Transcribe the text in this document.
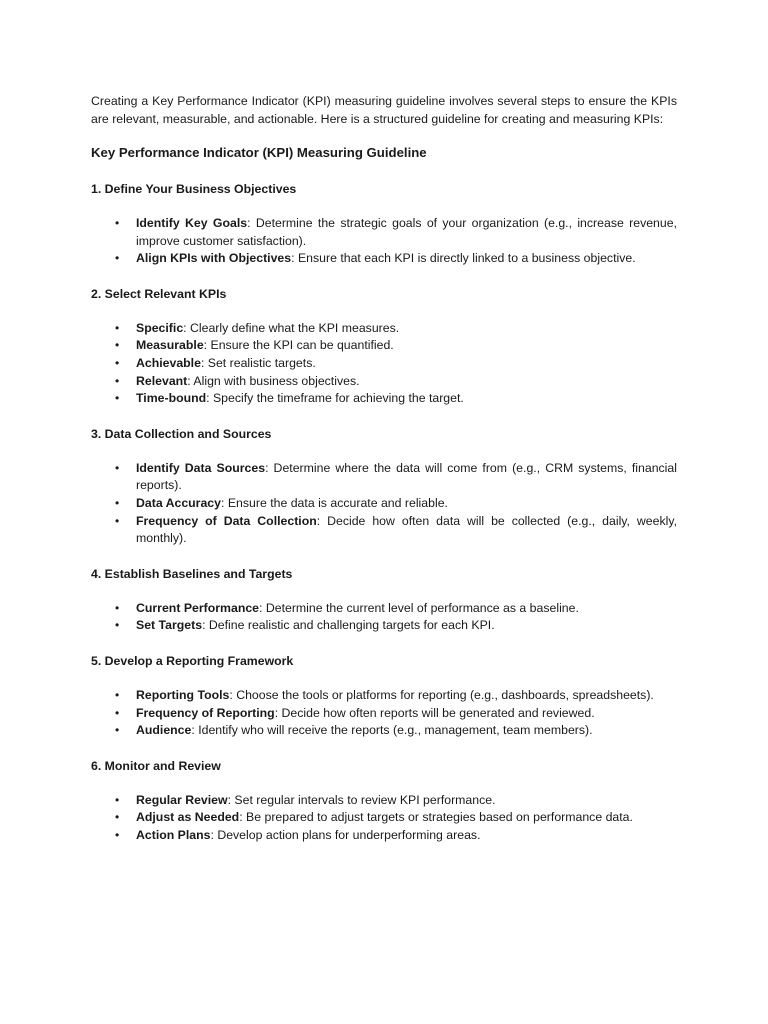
Creating a Key Performance Indicator (KPI) measuring guideline involves several steps to ensure the KPIs are relevant, measurable, and actionable. Here is a structured guideline for creating and measuring KPIs:

Key Performance Indicator (KPI) Measuring Guideline
1. Define Your Business Objectives
• Identify Key Goals: Determine the strategic goals of your organization (e.g., increase revenue, improve customer satisfaction).
• Align KPIs with Objectives: Ensure that each KPI is directly linked to a business objective.
2. Select Relevant KPIs
• Specific: Clearly define what the KPI measures.
• Measurable: Ensure the KPI can be quantified.
• Achievable: Set realistic targets.
• Relevant: Align with business objectives.
• Time-bound: Specify the timeframe for achieving the target.
3. Data Collection and Sources
• Identify Data Sources: Determine where the data will come from (e.g., CRM systems, financial reports).
• Data Accuracy: Ensure the data is accurate and reliable.
• Frequency of Data Collection: Decide how often data will be collected (e.g., daily, weekly, monthly).
4. Establish Baselines and Targets
• Current Performance: Determine the current level of performance as a baseline.
• Set Targets: Define realistic and challenging targets for each KPI.
5. Develop a Reporting Framework
• Reporting Tools: Choose the tools or platforms for reporting (e.g., dashboards, spreadsheets).
• Frequency of Reporting: Decide how often reports will be generated and reviewed.
• Audience: Identify who will receive the reports (e.g., management, team members).
6. Monitor and Review
• Regular Review: Set regular intervals to review KPI performance.
• Adjust as Needed: Be prepared to adjust targets or strategies based on performance data.
• Action Plans: Develop action plans for underperforming areas.
